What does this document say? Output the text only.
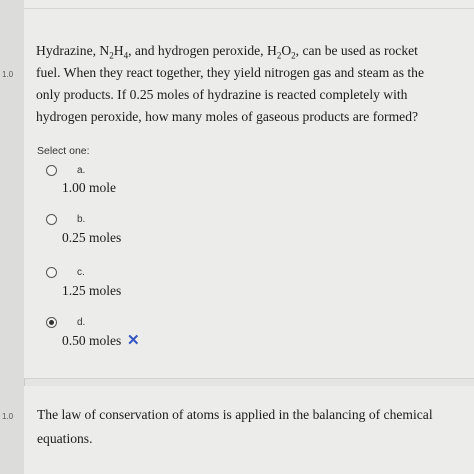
1.0
1.0
Hydrazine, $N_2H_4$, and hydrogen peroxide, $H_2O_2$, can be used as rocket fuel. When they react together, they yield nitrogen gas and steam as the only products. If 0.25 moles of hydrazine is reacted completely with hydrogen peroxide, how many moles of gaseous products are formed?
Select one:
a.
1.00 mole
b.
0.25 moles
c.
1.25 moles
d.
0.50 moles ✕
The law of conservation of atoms is applied in the balancing of chemical equations.
